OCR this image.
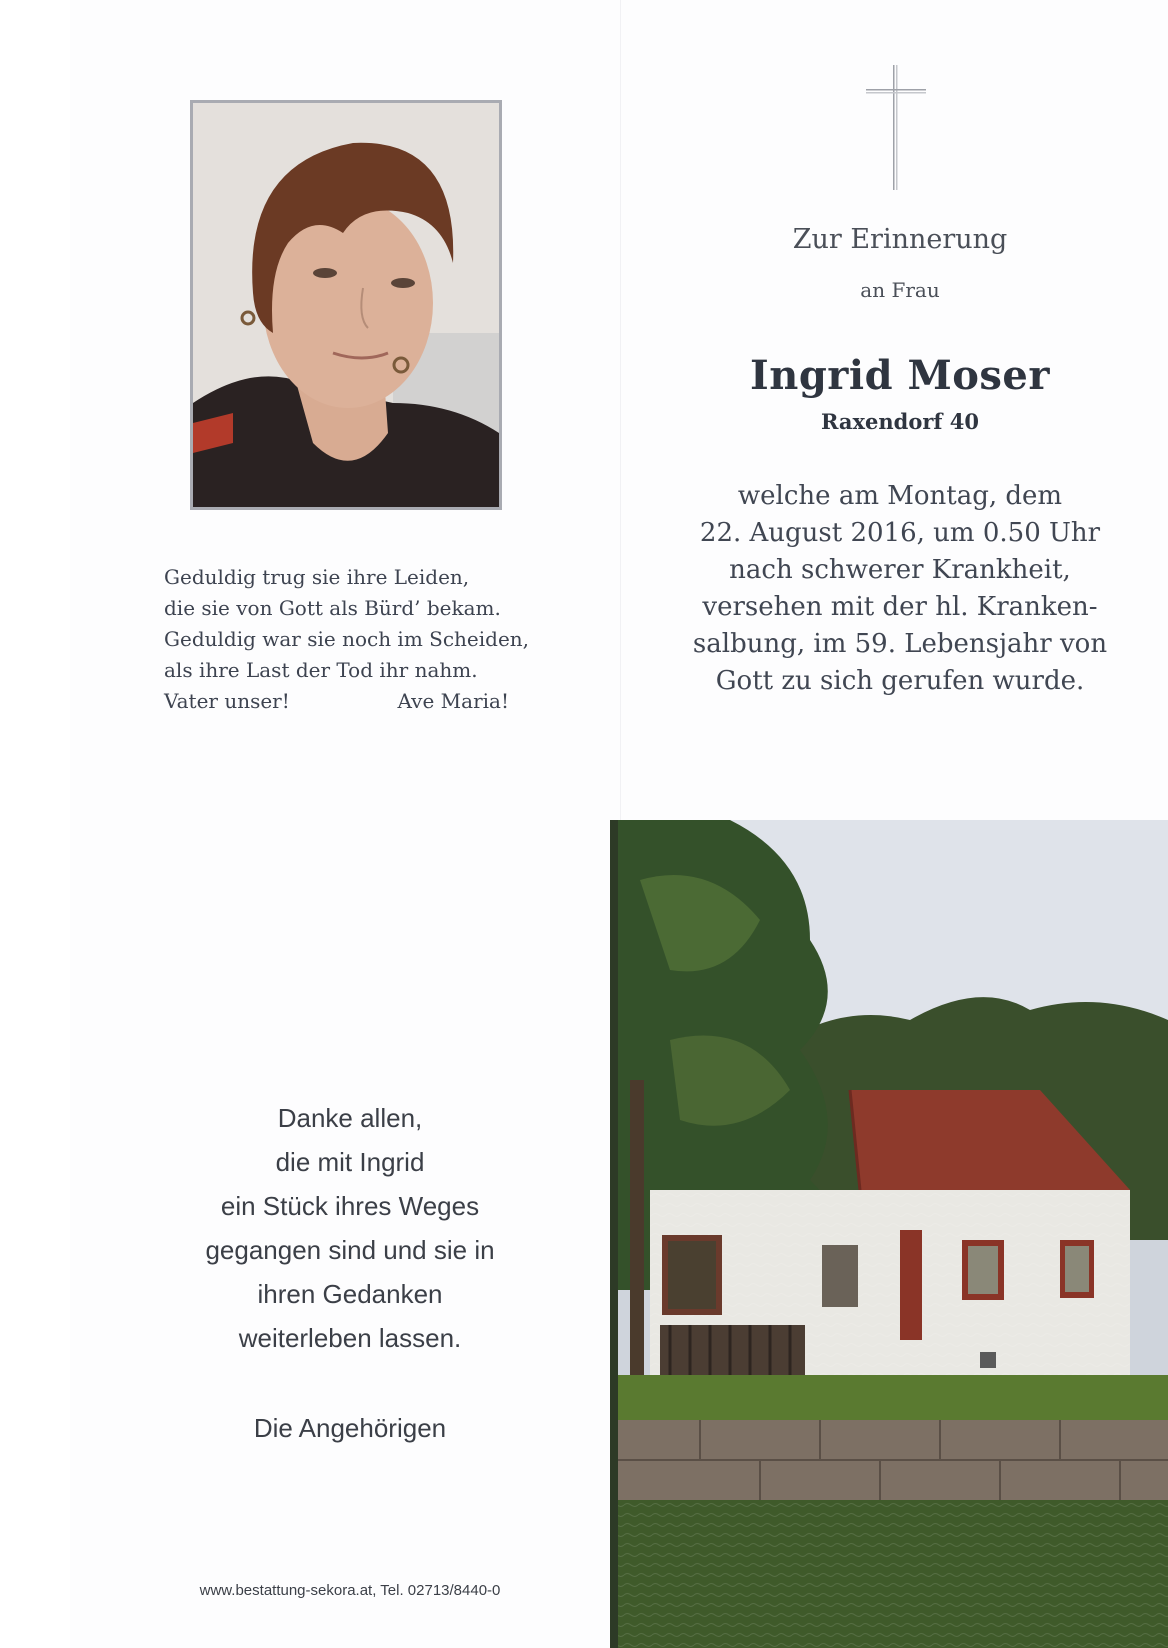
Geduldig trug sie ihre Leiden,
die sie von Gott als Bürd’ bekam.
Geduldig war sie noch im Scheiden,
als ihre Last der Tod ihr nahm.
Vater unser!	Ave Maria!
Zur Erinnerung
an Frau
Ingrid Moser
Raxendorf 40
welche am Montag, dem
22. August 2016, um 0.50 Uhr
nach schwerer Krankheit,
versehen mit der hl. Kranken-
salbung, im 59. Lebensjahr von
Gott zu sich gerufen wurde.
Danke allen,
die mit Ingrid
ein Stück ihres Weges
gegangen sind und sie in
ihren Gedanken
weiterleben lassen.
Die Angehörigen
www.bestattung-sekora.at, Tel. 02713/8440-0
